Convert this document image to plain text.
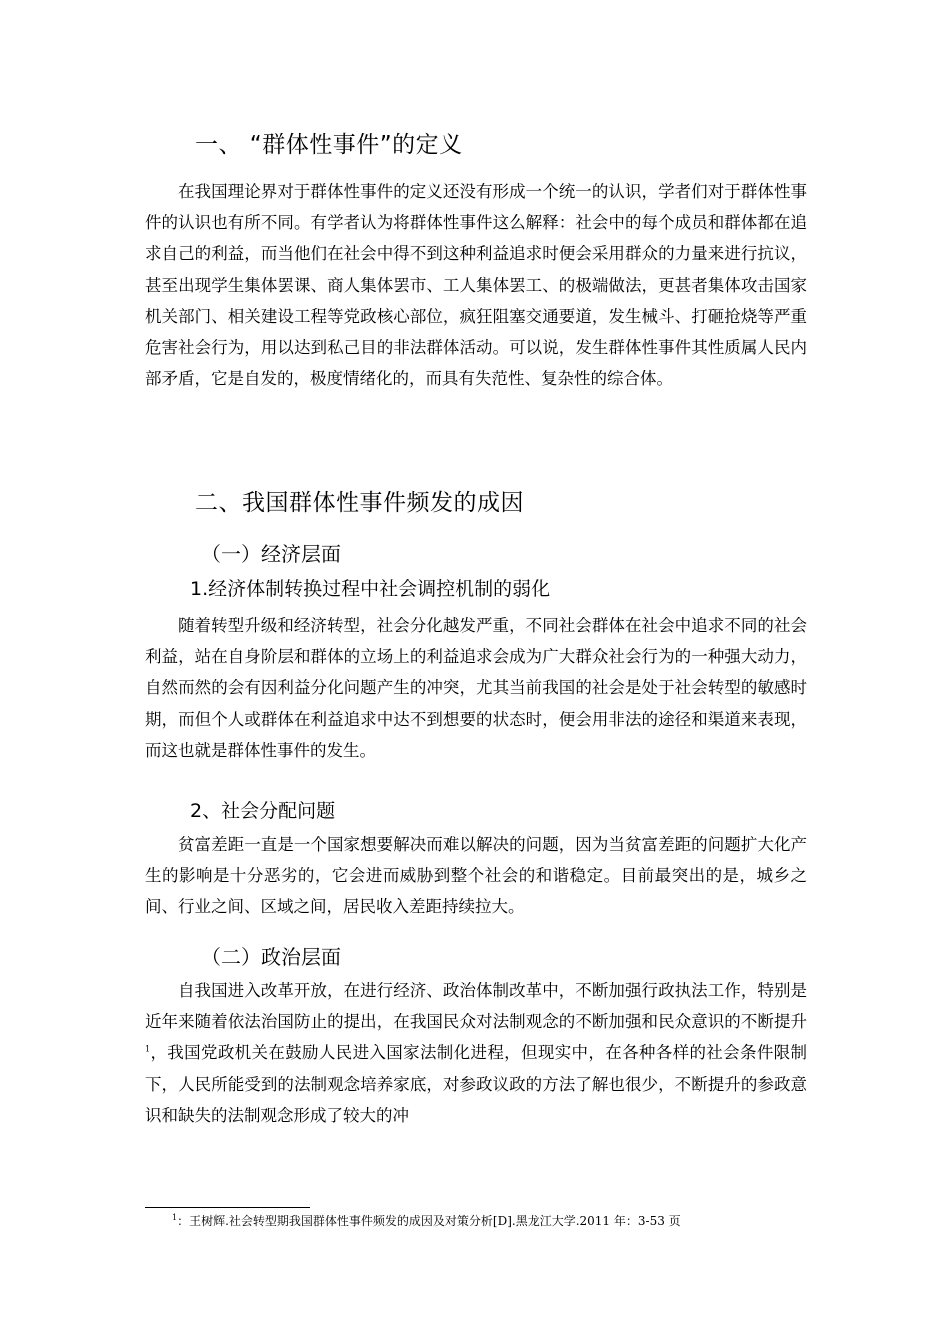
一、 “群体性事件”的定义

在我国理论界对于群体性事件的定义还没有形成一个统一的认识，学者们对于群体性事件的认识也有所不同。有学者认为将群体性事件这么解释：社会中的每个成员和群体都在追求自己的利益，而当他们在社会中得不到这种利益追求时便会采用群众的力量来进行抗议，甚至出现学生集体罢课、商人集体罢市、工人集体罢工、的极端做法，更甚者集体攻击国家机关部门、相关建设工程等党政核心部位，疯狂阻塞交通要道，发生械斗、打砸抢烧等严重危害社会行为，用以达到私己目的非法群体活动。可以说，发生群体性事件其性质属人民内部矛盾，它是自发的，极度情绪化的，而具有失范性、复杂性的综合体。

二、我国群体性事件频发的成因
（一）经济层面
1.经济体制转换过程中社会调控机制的弱化

随着转型升级和经济转型，社会分化越发严重，不同社会群体在社会中追求不同的社会利益，站在自身阶层和群体的立场上的利益追求会成为广大群众社会行为的一种强大动力，自然而然的会有因利益分化问题产生的冲突，尤其当前我国的社会是处于社会转型的敏感时期，而但个人或群体在利益追求中达不到想要的状态时，便会用非法的途径和渠道来表现，而这也就是群体性事件的发生。

2、社会分配问题

贫富差距一直是一个国家想要解决而难以解决的问题，因为当贫富差距的问题扩大化产生的影响是十分恶劣的，它会进而威胁到整个社会的和谐稳定。目前最突出的是，城乡之间、行业之间、区域之间，居民收入差距持续拉大。

（二）政治层面

自我国进入改革开放，在进行经济、政治体制改革中，不断加强行政执法工作，特别是近年来随着依法治国防止的提出，在我国民众对法制观念的不断加强和民众意识的不断提升$^1$，我国党政机关在鼓励人民进入国家法制化进程，但现实中，在各种各样的社会条件限制下，人民所能受到的法制观念培养家底，对参政议政的方法了解也很少，不断提升的参政意识和缺失的法制观念形成了较大的冲

$^1$：王树辉.社会转型期我国群体性事件频发的成因及对策分析[D].黑龙江大学.2011 年：3-53 页
